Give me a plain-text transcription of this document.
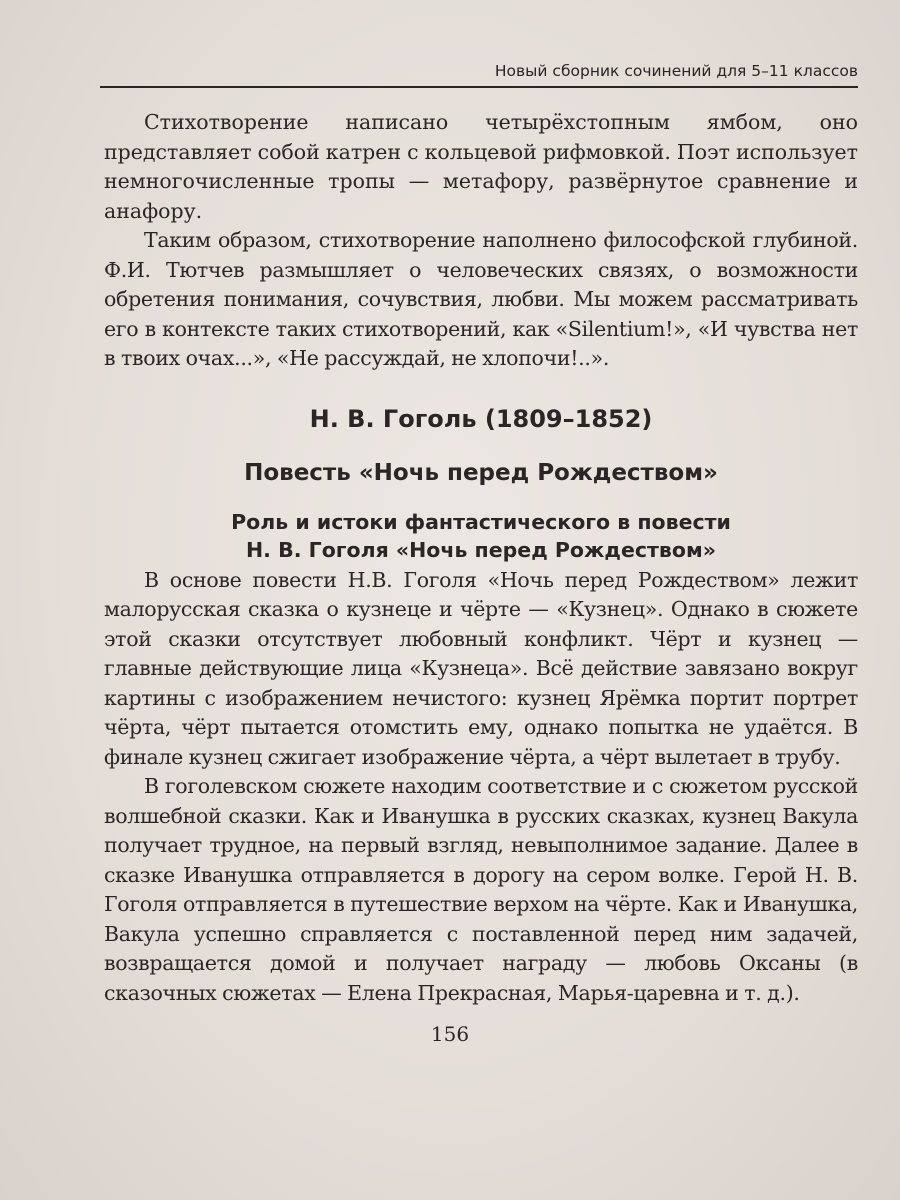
Новый сборник сочинений для 5–11 классов

Стихотворение написано четырёхстопным ямбом, оно представляет собой катрен с кольцевой рифмовкой. Поэт использует немногочисленные тропы — метафору, развёрнутое сравнение и анафору.

Таким образом, стихотворение наполнено философской глубиной. Ф.И. Тютчев размышляет о человеческих связях, о возможности обретения понимания, сочувствия, любви. Мы можем рассматривать его в контексте таких стихотворений, как «Silentium!», «И чувства нет в твоих очах...», «Не рассуждай, не хлопочи!..».

Н. В. Гоголь (1809–1852)
Повесть «Ночь перед Рождеством»
Роль и истоки фантастического в повести
Н. В. Гоголя «Ночь перед Рождеством»

В основе повести Н.В. Гоголя «Ночь перед Рождеством» лежит малорусская сказка о кузнеце и чёрте — «Кузнец». Однако в сюжете этой сказки отсутствует любовный конфликт. Чёрт и кузнец — главные действующие лица «Кузнеца». Всё действие завязано вокруг картины с изображением нечистого: кузнец Ярёмка портит портрет чёрта, чёрт пытается отомстить ему, однако попытка не удаётся. В финале кузнец сжигает изображение чёрта, а чёрт вылетает в трубу.

В гоголевском сюжете находим соответствие и с сюжетом русской волшебной сказки. Как и Иванушка в русских сказках, кузнец Вакула получает трудное, на первый взгляд, невыполнимое задание. Далее в сказке Иванушка отправляется в дорогу на сером волке. Герой Н. В. Гоголя отправляется в путешествие верхом на чёрте. Как и Иванушка, Вакула успешно справляется с поставленной перед ним задачей, возвращается домой и получает награду — любовь Оксаны (в сказочных сюжетах — Елена Прекрасная, Марья-царевна и т. д.).

156
